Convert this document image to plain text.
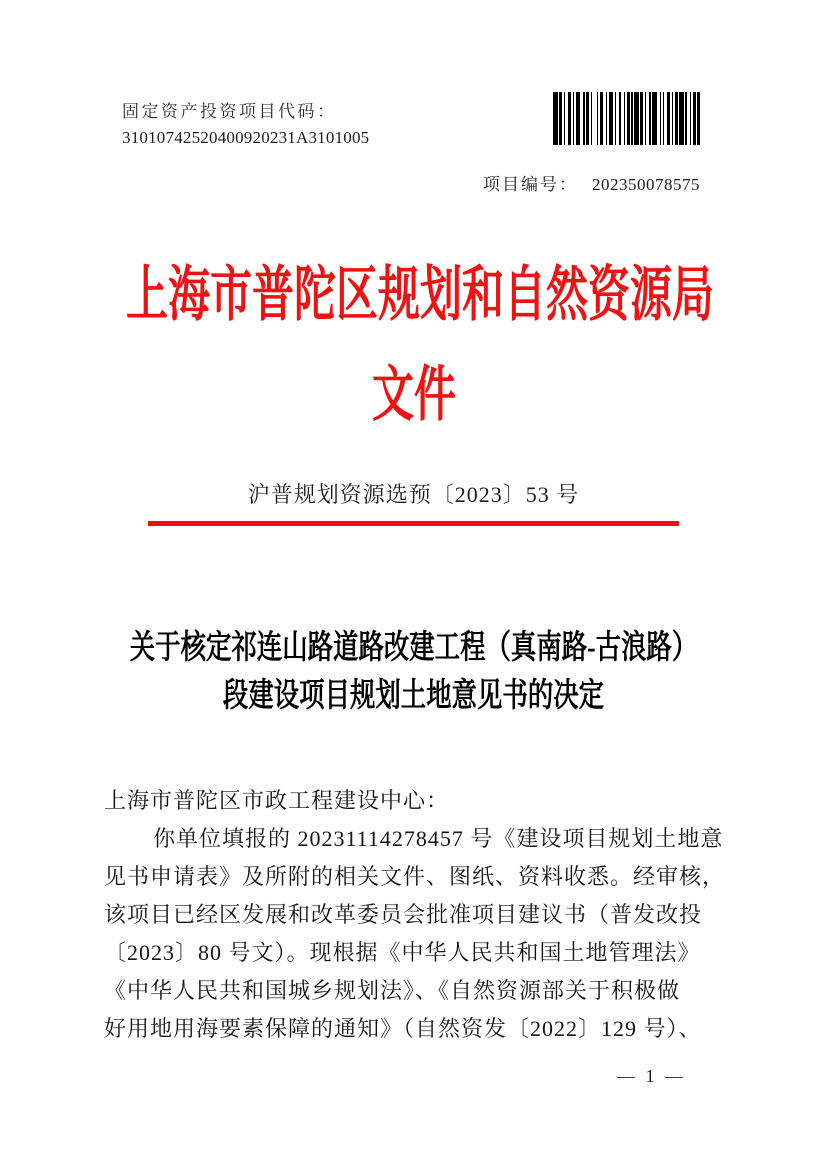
固定资产投资项目代码：
31010742520400920231A3101005
项目编号： 202350078575
上海市普陀区规划和自然资源局
文件
沪普规划资源选预〔2023〕53 号
关于核定祁连山路道路改建工程（真南路-古浪路）
段建设项目规划土地意见书的决定
上海市普陀区市政工程建设中心：
你单位填报的 20231114278457 号《建设项目规划土地意
见书申请表》及所附的相关文件、图纸、资料收悉。经审核，
该项目已经区发展和改革委员会批准项目建议书（普发改投
〔2023〕80 号文）。现根据《中华人民共和国土地管理法》
《中华人民共和国城乡规划法》、《自然资源部关于积极做
好用地用海要素保障的通知》（自然资发〔2022〕129 号）、
— 1 —
